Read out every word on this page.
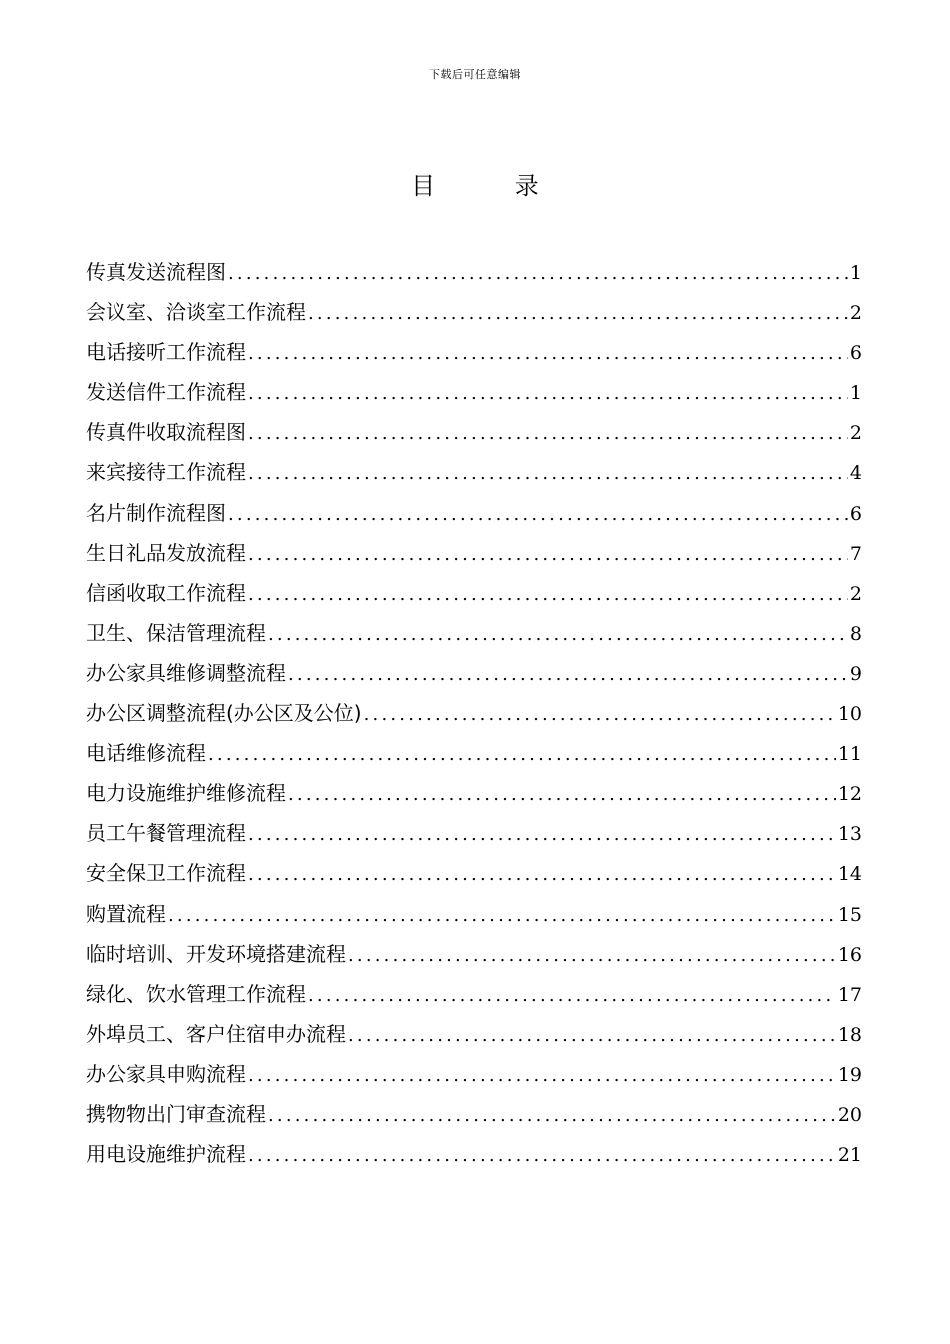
下载后可任意编辑
目 录
传真发送流程图 .....	1
会议室、洽谈室工作流程 .....	2
电话接听工作流程 .....	6
发送信件工作流程 .....	1
传真件收取流程图 .....	2
来宾接待工作流程 .....	4
名片制作流程图 .....	6
生日礼品发放流程 .....	7
信函收取工作流程 .....	2
卫生、保洁管理流程 .....	8
办公家具维修调整流程 .....	9
办公区调整流程(办公区及公位) .....	10
电话维修流程 .....	11
电力设施维护维修流程 .....	12
员工午餐管理流程 .....	13
安全保卫工作流程 .....	14
购置流程 .....	15
临时培训、开发环境搭建流程 .....	16
绿化、饮水管理工作流程 .....	17
外埠员工、客户住宿申办流程 .....	18
办公家具申购流程 .....	19
携物物出门审查流程 .....	20
用电设施维护流程 .....	21
